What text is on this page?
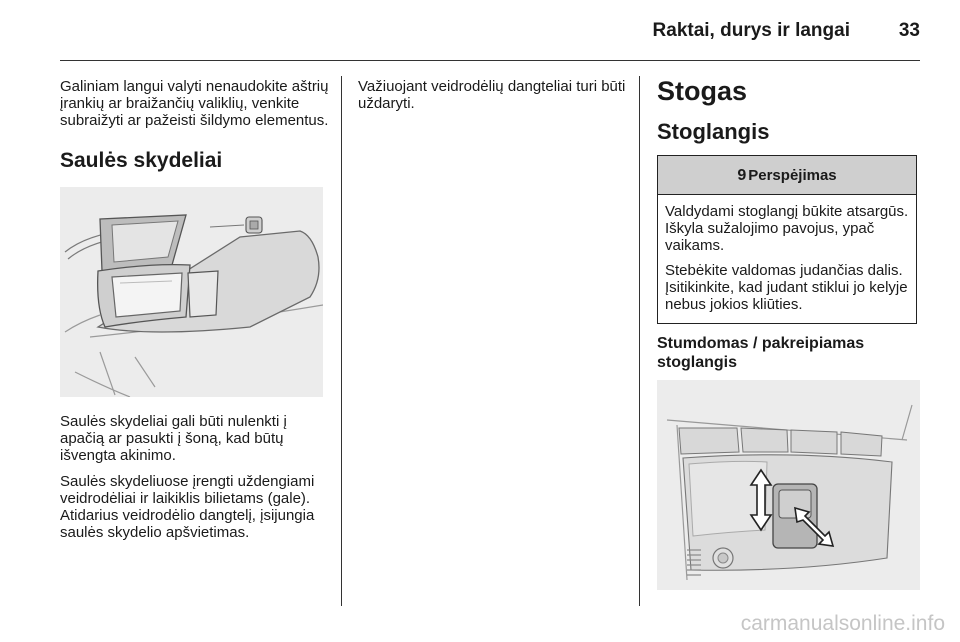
Raktai, durys ir langai	33

Galiniam langui valyti nenaudokite aštrių įrankių ar braižančių valiklių, venkite subraižyti ar pažeisti šildymo elementus.

Saulės skydeliai

Saulės skydeliai gali būti nulenkti į apačią ar pasukti į šoną, kad būtų išvengta akinimo.

Saulės skydeliuose įrengti uždengiami veidrodėliai ir laikiklis bilietams (gale). Atidarius veidrodėlio dangtelį, įsijungia saulės skydelio apšvietimas.

Važiuojant veidrodėlių dangteliai turi būti uždaryti.	Stogas
Stoglangis
9 Perspėjimas

Valdydami stoglangį būkite atsargūs. Iškyla sužalojimo pavojus, ypač vaikams.

Stebėkite valdomas judančias dalis. Įsitikinkite, kad judant stiklui jo kelyje nebus jokios kliūties.

Stumdomas / pakreipiamas stoglangis
carmanualsonline.info
